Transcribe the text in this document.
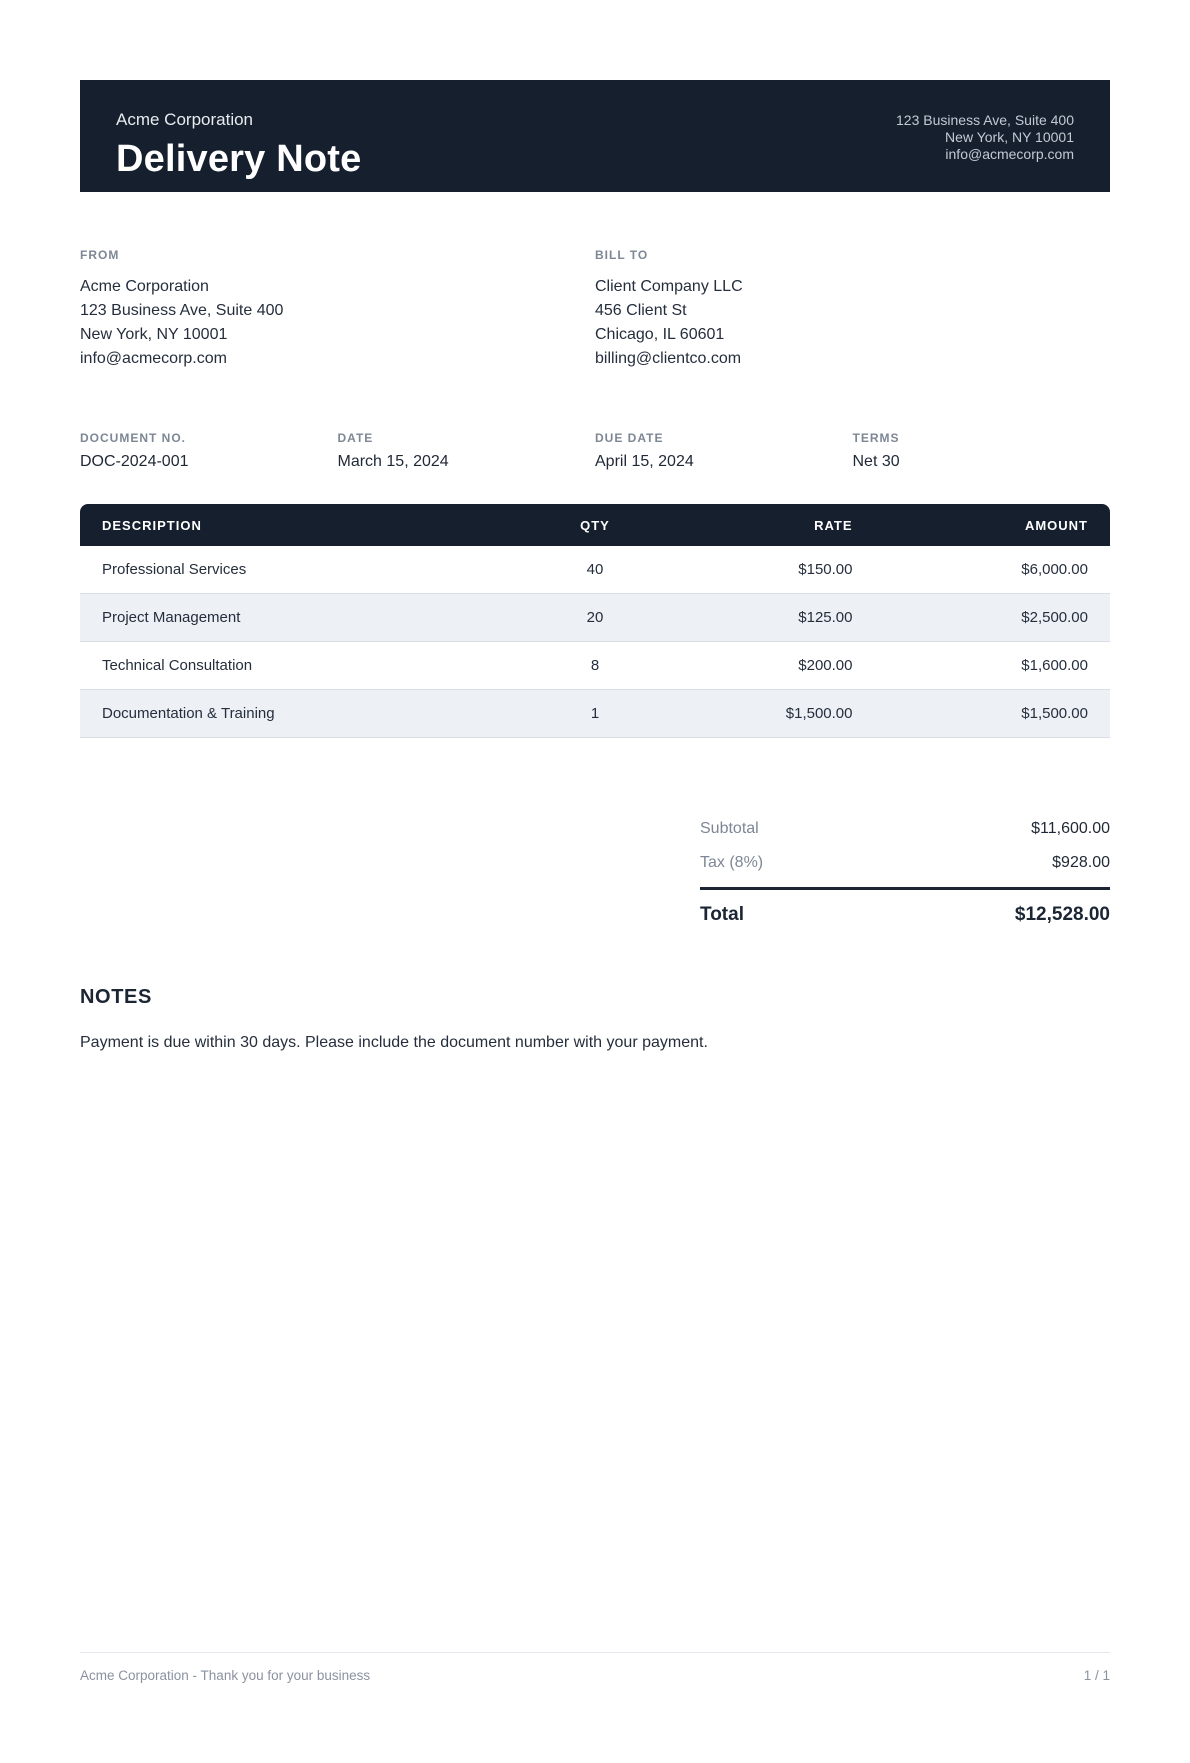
Acme Corporation
Delivery Note
123 Business Ave, Suite 400
New York, NY 10001
info@acmecorp.com
FROM
Acme Corporation
123 Business Ave, Suite 400
New York, NY 10001
info@acmecorp.com
BILL TO
Client Company LLC
456 Client St
Chicago, IL 60601
billing@clientco.com
DOCUMENT NO.
DOC-2024-001
DATE
March 15, 2024
DUE DATE
April 15, 2024
TERMS
Net 30
DESCRIPTION	QTY	RATE	AMOUNT
Professional Services	40	$150.00	$6,000.00
Project Management	20	$125.00	$2,500.00
Technical Consultation	8	$200.00	$1,600.00
Documentation & Training	1	$1,500.00	$1,500.00
Subtotal	$11,600.00
Tax (8%)	$928.00
Total	$12,528.00
NOTES
Payment is due within 30 days. Please include the document number with your payment.
Acme Corporation - Thank you for your business	1 / 1
